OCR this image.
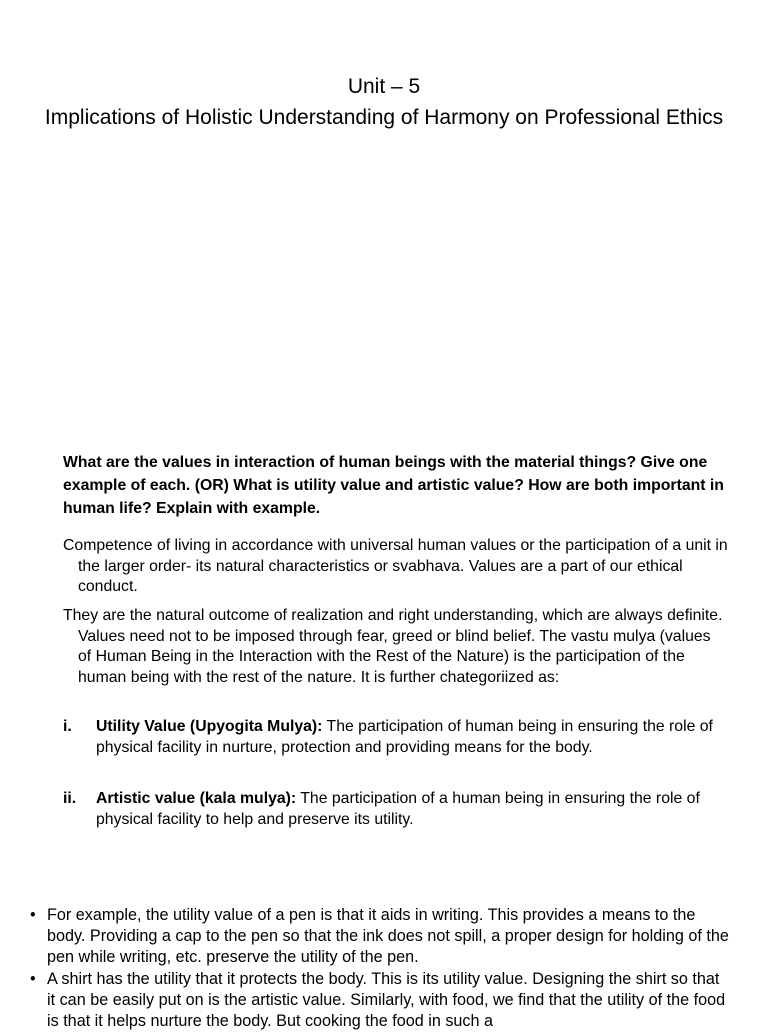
Unit – 5
Implications of Holistic Understanding of Harmony on Professional Ethics
What are the values in interaction of human beings with the material things? Give one example of each. (OR) What is utility value and artistic value? How are both important in human life? Explain with example.
Competence of living in accordance with universal human values or the participation of a unit in the larger order- its natural characteristics or svabhava. Values are a part of our ethical conduct.
They are the natural outcome of realization and right understanding, which are always definite. Values need not to be imposed through fear, greed or blind belief. The vastu mulya (values of Human Being in the Interaction with the Rest of the Nature) is the participation of the human being with the rest of the nature. It is further chategoriized as:
i. Utility Value (Upyogita Mulya): The participation of human being in ensuring the role of physical facility in nurture, protection and providing means for the body.
ii. Artistic value (kala mulya): The participation of a human being in ensuring the role of physical facility to help and preserve its utility.
• For example, the utility value of a pen is that it aids in writing. This provides a means to the body. Providing a cap to the pen so that the ink does not spill, a proper design for holding of the pen while writing, etc. preserve the utility of the pen.
• A shirt has the utility that it protects the body. This is its utility value. Designing the shirt so that it can be easily put on is the artistic value. Similarly, with food, we find that the utility of the food is that it helps nurture the body. But cooking the food in such a
